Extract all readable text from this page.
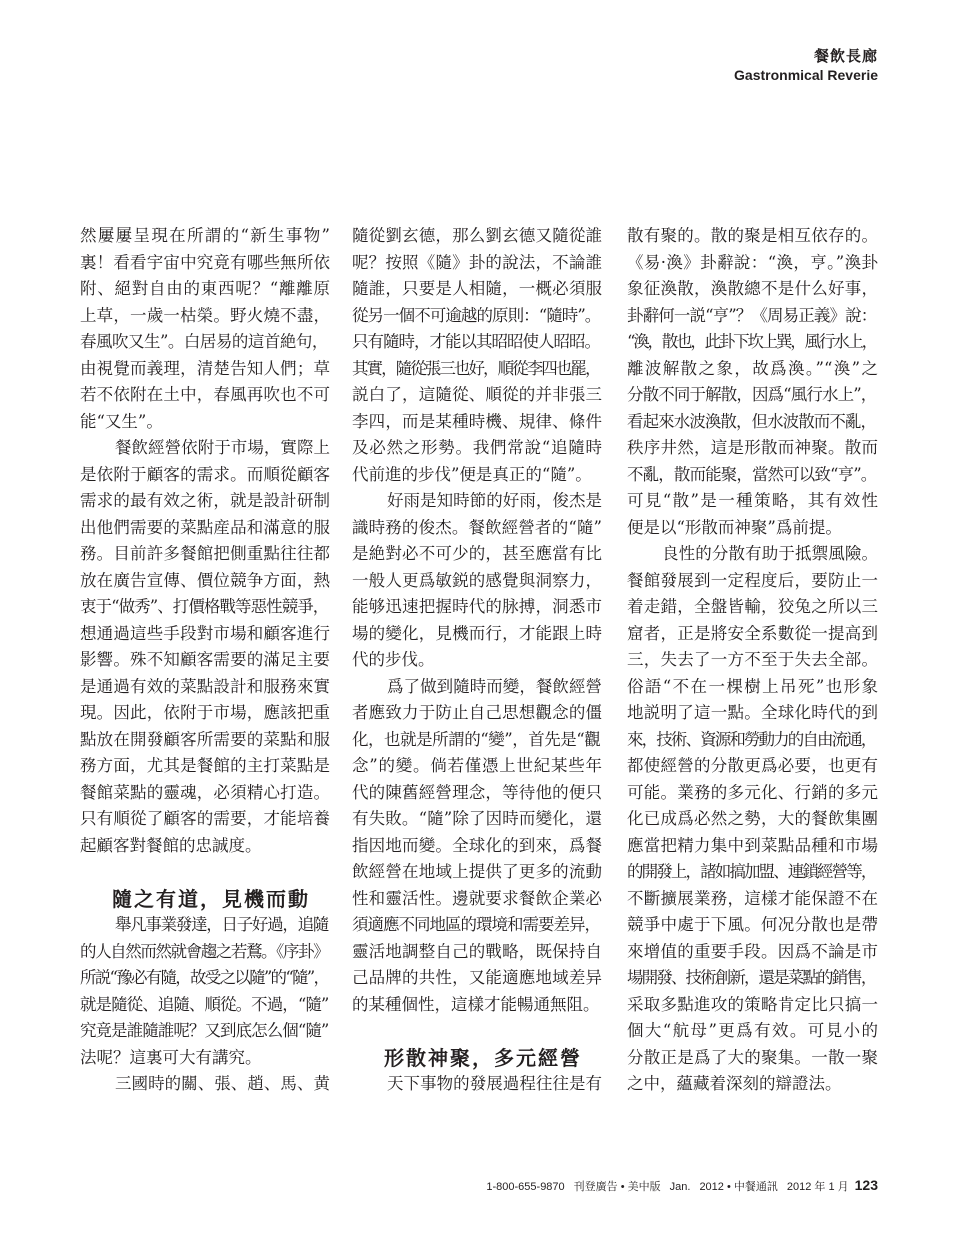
餐飲長廊
Gastronmical Reverie
然屢屢呈現在所謂的“新生事物”
裏！看看宇宙中究竟有哪些無所依
附、絕對自由的東西呢？“離離原
上草，一歲一枯榮。野火燒不盡，
春風吹又生”。白居易的這首絶句，
由視覺而義理，清楚告知人們；草
若不依附在土中，春風再吹也不可
能“又生”。
餐飲經營依附于市場，實際上
是依附于顧客的需求。而順從顧客
需求的最有效之術，就是設計研制
出他們需要的菜點産品和滿意的服
務。目前許多餐館把側重點往往都
放在廣告宣傳、價位競争方面，熱
衷于“做秀”、打價格戰等惡性競爭，
想通過這些手段對市場和顧客進行
影響。殊不知顧客需要的滿足主要
是通過有效的菜點設計和服務來實
現。因此，依附于市場，應該把重
點放在開發顧客所需要的菜點和服
務方面，尤其是餐館的主打菜點是
餐館菜點的靈魂，必須精心打造。
只有順從了顧客的需要，才能培養
起顧客對餐館的忠誠度。
隨之有道，見機而動
舉凡事業發達，日子好過，追隨
的人自然而然就會趨之若鶩。《序卦》
所説“豫必有隨，故受之以隨”的“隨”，
就是隨從、追隨、順從。不過，“隨”
究竟是誰隨誰呢？又到底怎么個“隨”
法呢？這裏可大有講究。
三國時的關、張、趙、馬、黄
隨從劉玄德，那么劉玄德又隨從誰
呢？按照《隨》卦的說法，不論誰
隨誰，只要是人相隨，一概必須服
從另一個不可逾越的原則：“隨時”。
只有隨時，才能以其昭昭使人昭昭。
其實，隨從張三也好，順從李四也罷，
説白了，這隨從、順從的并非張三
李四，而是某種時機、規律、條件
及必然之形勢。我們常說“追隨時
代前進的步伐”便是真正的“隨”。
好雨是知時節的好雨，俊杰是
識時務的俊杰。餐飲經營者的“隨”
是絶對必不可少的，甚至應當有比
一般人更爲敏鋭的感覺與洞察力，
能够迅速把握時代的脉搏，洞悉市
場的變化，見機而行，才能跟上時
代的步伐。
爲了做到隨時而變，餐飲經營
者應致力于防止自己思想觀念的僵
化，也就是所謂的“變”，首先是“觀
念”的變。倘若僅憑上世紀某些年
代的陳舊經營理念，等待他的便只
有失敗。“隨”除了因時而變化，還
指因地而變。全球化的到來，爲餐
飲經營在地域上提供了更多的流動
性和靈活性。邊就要求餐飲企業必
須適應不同地區的環境和需要差异，
靈活地調整自己的戰略，既保持自
己品牌的共性，又能適應地域差异
的某種個性，這樣才能暢通無阻。
形散神聚，多元經營
天下事物的發展過程往往是有
散有聚的。散的聚是相互依存的。
《易·渙》卦辭說：“渙，亨。”渙卦
象征渙散，渙散總不是什么好事，
卦辭何一説“亨”？《周易正義》說：
“渙，散也，此卦下坎上巽，風行水上，
離波解散之象，故爲渙。”“渙”之
分散不同于解散，因爲“風行水上”，
看起來水波渙散，但水波散而不亂，
秩序井然，這是形散而神聚。散而
不亂，散而能聚，當然可以致“亨”。
可見“散”是一種策略，其有效性
便是以“形散而神聚”爲前提。
良性的分散有助于抵禦風險。
餐館發展到一定程度后，要防止一
着走錯，全盤皆輸，狡兔之所以三
窟者，正是將安全系數從一提高到
三，失去了一方不至于失去全部。
俗語“不在一棵樹上吊死”也形象
地説明了這一點。全球化時代的到
來，技術、資源和勞動力的自由流通，
都使經營的分散更爲必要，也更有
可能。業務的多元化、行銷的多元
化已成爲必然之勢，大的餐飲集團
應當把精力集中到菜點品種和市場
的開發上，諸如搞加盟、連鎖經營等，
不斷擴展業務，這樣才能保證不在
競爭中處于下風。何况分散也是帶
來增值的重要手段。因爲不論是市
場開發、技術創新，還是菜點的銷售，
采取多點進攻的策略肯定比只搞一
個大“航母”更爲有效。可見小的
分散正是爲了大的聚集。一散一聚
之中，蘊藏着深刻的辯證法。
1-800-655-9870 刊登廣告 • 美中版 Jan. 2012 • 中餐通訊 2012 年 1 月 123
